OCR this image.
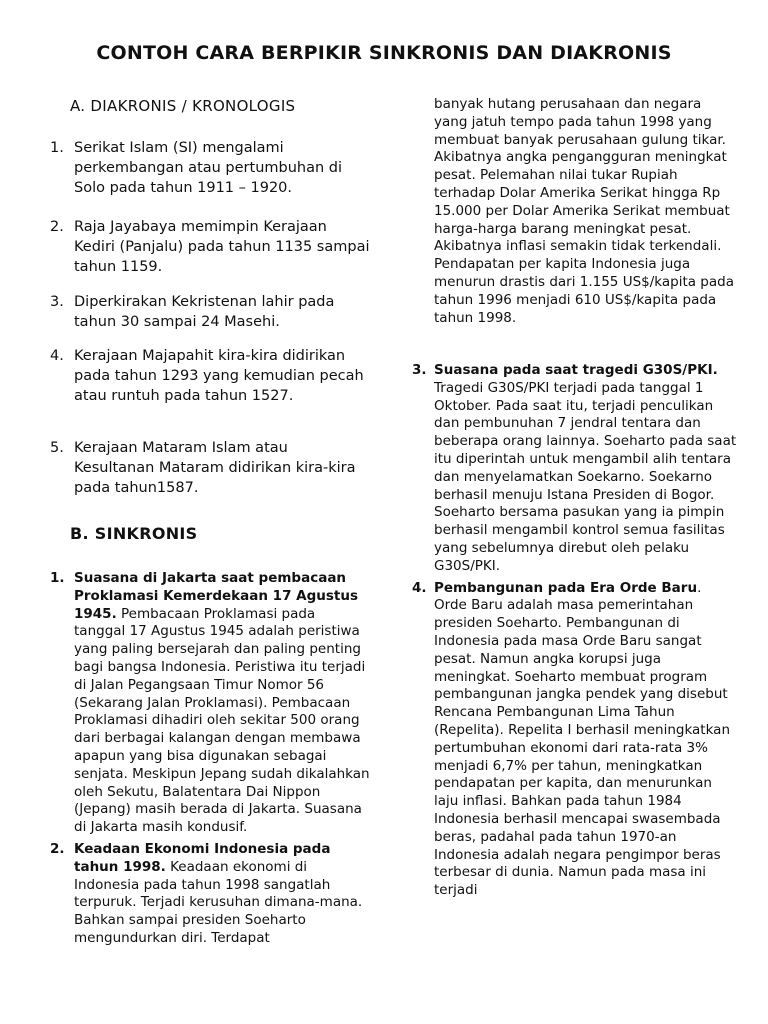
CONTOH CARA BERPIKIR SINKRONIS DAN DIAKRONIS
A. DIAKRONIS / KRONOLOGIS
1. Serikat Islam (SI) mengalami perkembangan atau pertumbuhan di Solo pada tahun 1911 – 1920.
2. Raja Jayabaya memimpin Kerajaan Kediri (Panjalu) pada tahun 1135 sampai tahun 1159.
3. Diperkirakan Kekristenan lahir pada tahun 30 sampai 24 Masehi.
4. Kerajaan Majapahit kira-kira didirikan pada tahun 1293 yang kemudian pecah atau runtuh pada tahun 1527.
5. Kerajaan Mataram Islam atau Kesultanan Mataram didirikan kira-kira pada tahun1587.
B. SINKRONIS
1. Suasana di Jakarta saat pembacaan Proklamasi Kemerdekaan 17 Agustus 1945. Pembacaan Proklamasi pada tanggal 17 Agustus 1945 adalah peristiwa yang paling bersejarah dan paling penting bagi bangsa Indonesia. Peristiwa itu terjadi di Jalan Pegangsaan Timur Nomor 56 (Sekarang Jalan Proklamasi). Pembacaan Proklamasi dihadiri oleh sekitar 500 orang dari berbagai kalangan dengan membawa apapun yang bisa digunakan sebagai senjata. Meskipun Jepang sudah dikalahkan oleh Sekutu, Balatentara Dai Nippon (Jepang) masih berada di Jakarta. Suasana di Jakarta masih kondusif.
2. Keadaan Ekonomi Indonesia pada tahun 1998. Keadaan ekonomi di Indonesia pada tahun 1998 sangatlah terpuruk. Terjadi kerusuhan dimana-mana. Bahkan sampai presiden Soeharto mengundurkan diri. Terdapat
banyak hutang perusahaan dan negara yang jatuh tempo pada tahun 1998 yang membuat banyak perusahaan gulung tikar. Akibatnya angka pengangguran meningkat pesat. Pelemahan nilai tukar Rupiah terhadap Dolar Amerika Serikat hingga Rp 15.000 per Dolar Amerika Serikat membuat harga-harga barang meningkat pesat. Akibatnya inflasi semakin tidak terkendali. Pendapatan per kapita Indonesia juga menurun drastis dari 1.155 US$/kapita pada tahun 1996 menjadi 610 US$/kapita pada tahun 1998.
3. Suasana pada saat tragedi G30S/PKI. Tragedi G30S/PKI terjadi pada tanggal 1 Oktober. Pada saat itu, terjadi penculikan dan pembunuhan 7 jendral tentara dan beberapa orang lainnya. Soeharto pada saat itu diperintah untuk mengambil alih tentara dan menyelamatkan Soekarno. Soekarno berhasil menuju Istana Presiden di Bogor. Soeharto bersama pasukan yang ia pimpin berhasil mengambil kontrol semua fasilitas yang sebelumnya direbut oleh pelaku G30S/PKI.
4. Pembangunan pada Era Orde Baru. Orde Baru adalah masa pemerintahan presiden Soeharto. Pembangunan di Indonesia pada masa Orde Baru sangat pesat. Namun angka korupsi juga meningkat. Soeharto membuat program pembangunan jangka pendek yang disebut Rencana Pembangunan Lima Tahun (Repelita). Repelita I berhasil meningkatkan pertumbuhan ekonomi dari rata-rata 3% menjadi 6,7% per tahun, meningkatkan pendapatan per kapita, dan menurunkan laju inflasi. Bahkan pada tahun 1984 Indonesia berhasil mencapai swasembada beras, padahal pada tahun 1970-an Indonesia adalah negara pengimpor beras terbesar di dunia. Namun pada masa ini terjadi
